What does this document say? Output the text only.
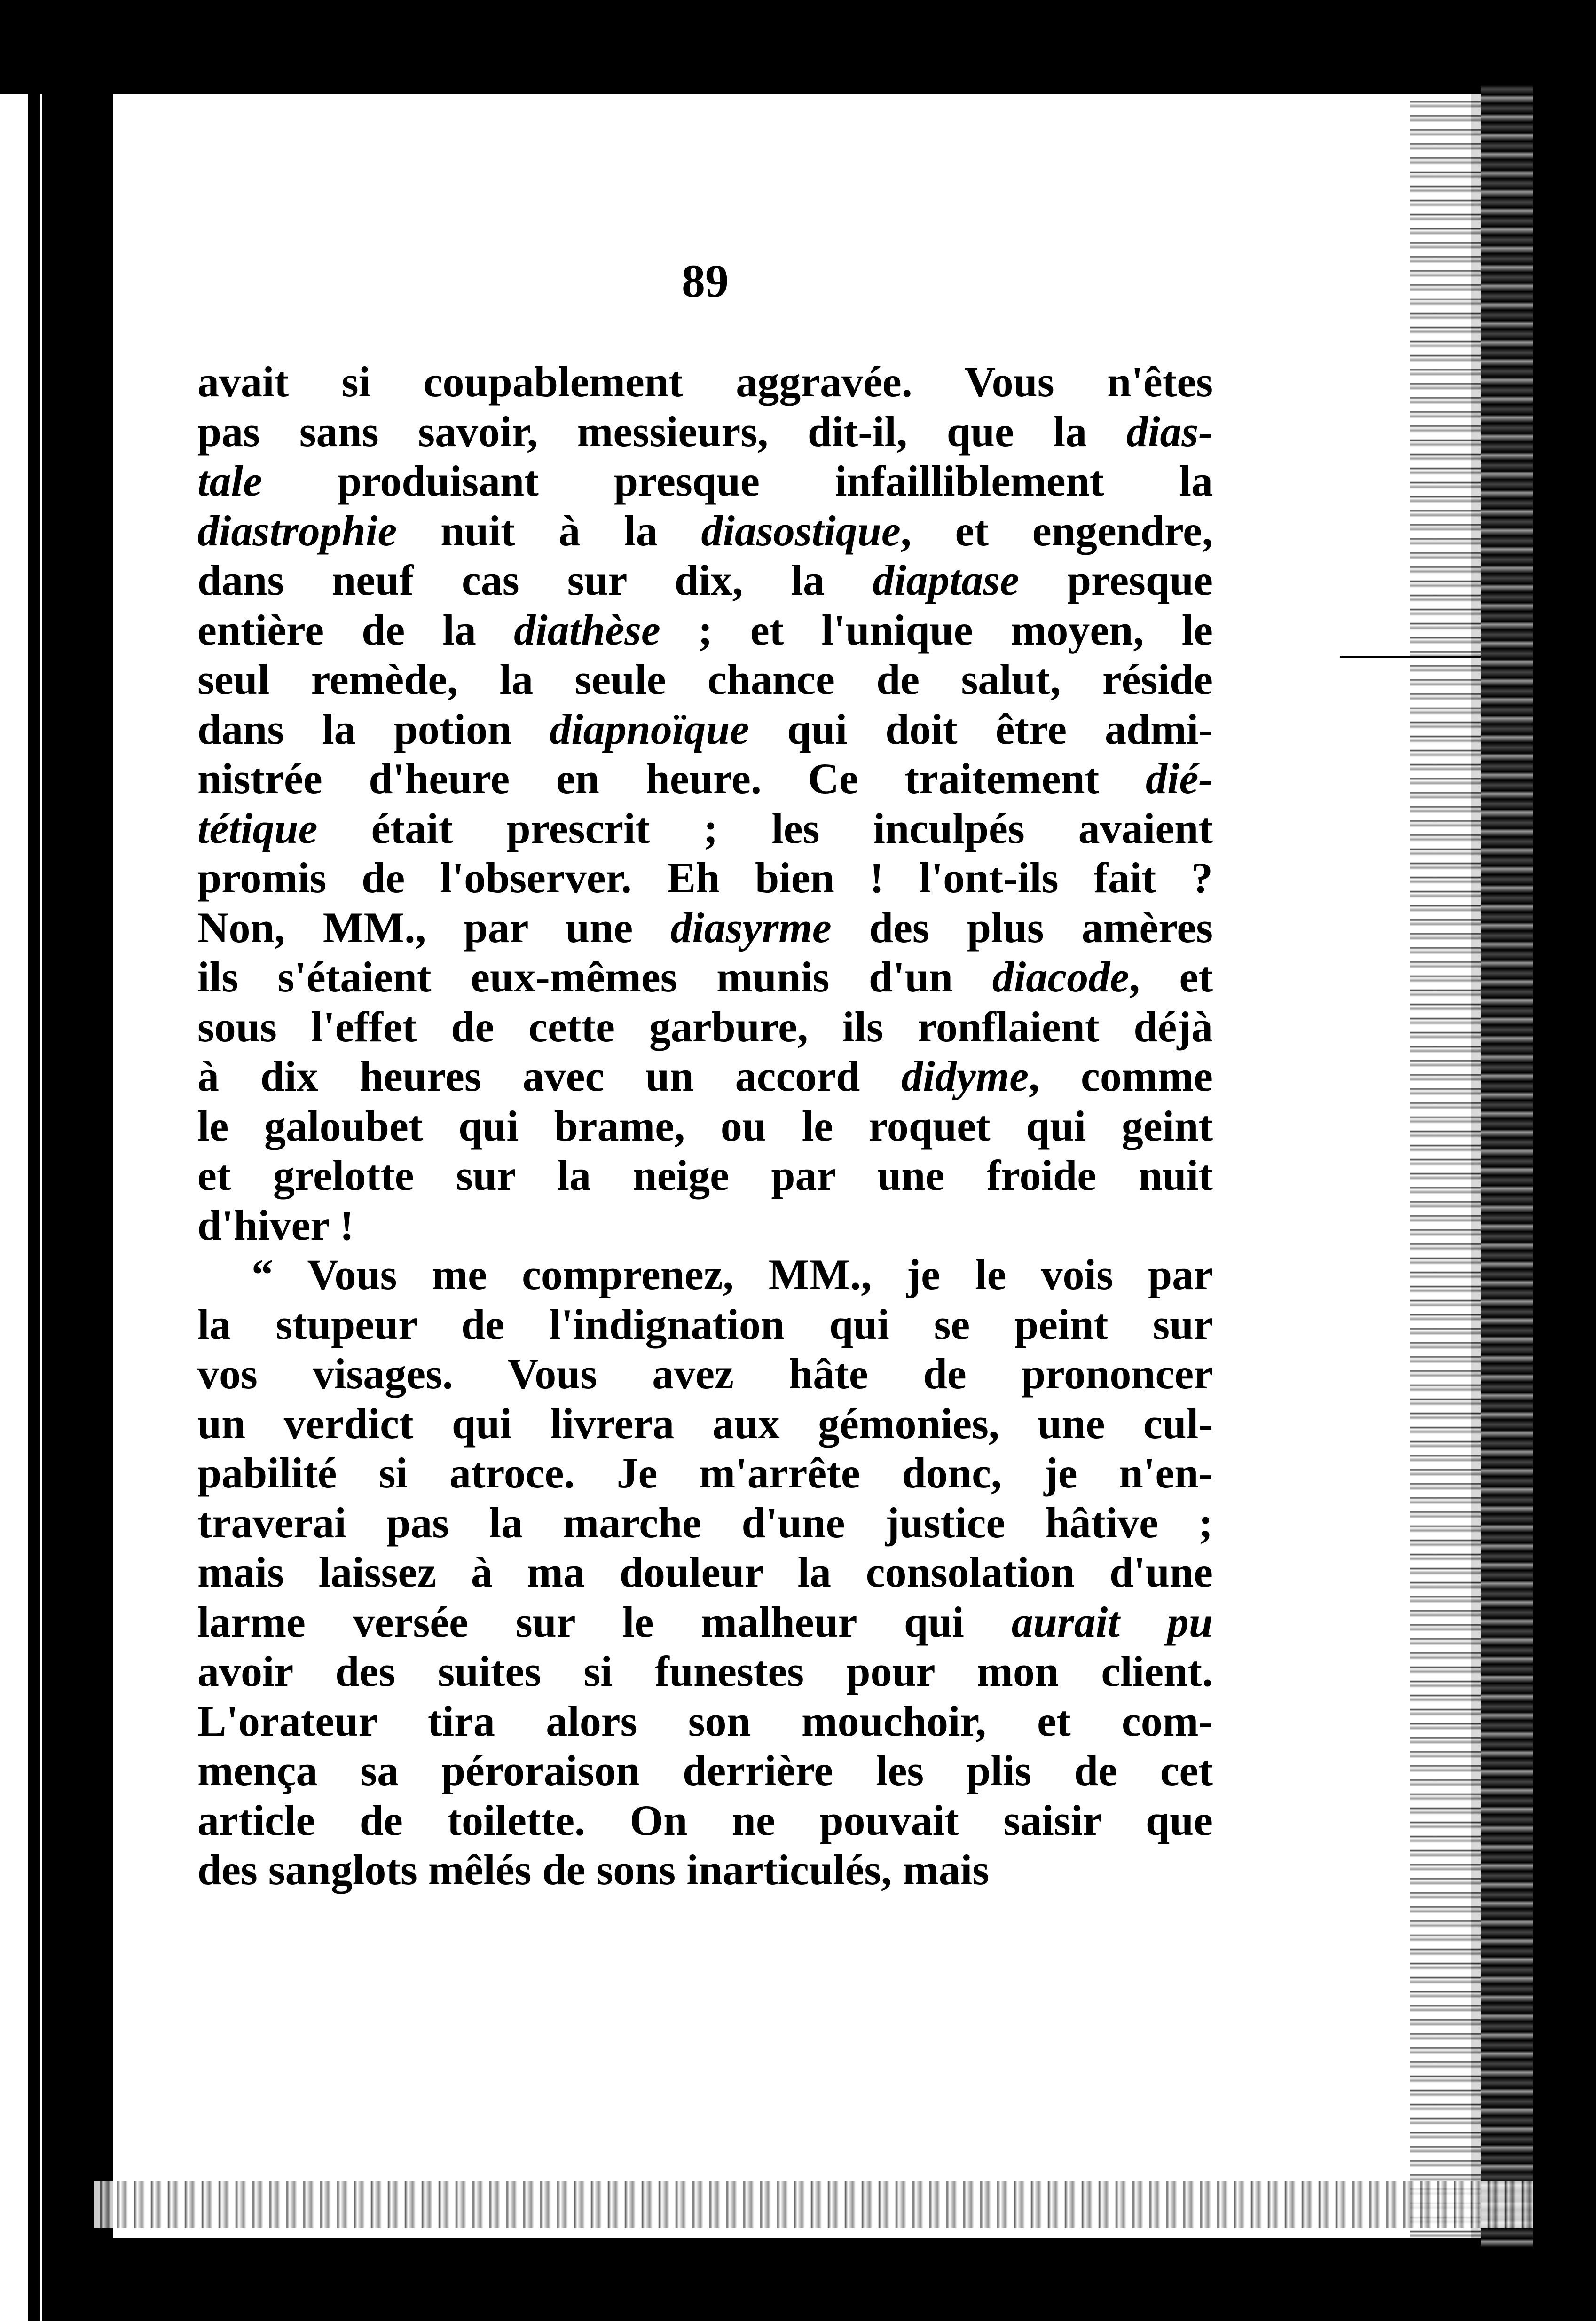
89
avait si coupablement aggravée. Vous n'êtes
pas sans savoir, messieurs, dit-il, que la dias-
tale produisant presque infailliblement la
diastrophie nuit à la diasostique, et engendre,
dans neuf cas sur dix, la diaptase presque
entière de la diathèse ; et l'unique moyen, le
seul remède, la seule chance de salut, réside
dans la potion diapnoïque qui doit être admi-
nistrée d'heure en heure. Ce traitement dié-
tétique était prescrit ; les inculpés avaient
promis de l'observer. Eh bien ! l'ont-ils fait ?
Non, MM., par une diasyrme des plus amères
ils s'étaient eux-mêmes munis d'un diacode, et
sous l'effet de cette garbure, ils ronflaient déjà
à dix heures avec un accord didyme, comme
le galoubet qui brame, ou le roquet qui geint
et grelotte sur la neige par une froide nuit
d'hiver !
“ Vous me comprenez, MM., je le vois par
la stupeur de l'indignation qui se peint sur
vos visages. Vous avez hâte de prononcer
un verdict qui livrera aux gémonies, une cul-
pabilité si atroce. Je m'arrête donc, je n'en-
traverai pas la marche d'une justice hâtive ;
mais laissez à ma douleur la consolation d'une
larme versée sur le malheur qui aurait pu
avoir des suites si funestes pour mon client.
L'orateur tira alors son mouchoir, et com-
mença sa péroraison derrière les plis de cet
article de toilette. On ne pouvait saisir que
des sanglots mêlés de sons inarticulés, mais
